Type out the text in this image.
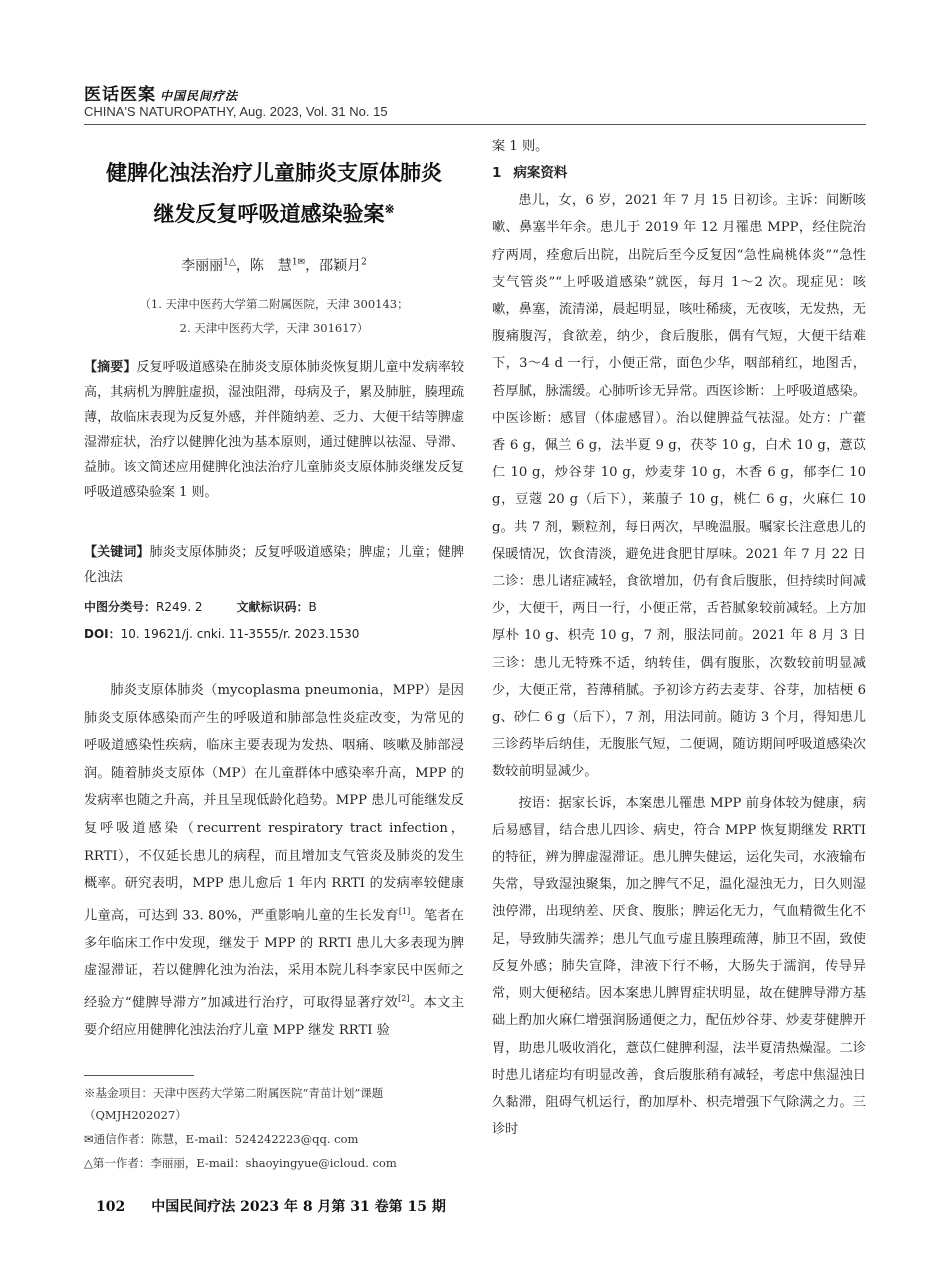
医话医案 中国民间疗法
CHINA'S NATUROPATHY, Aug. 2023, Vol. 31 No. 15
健脾化浊法治疗儿童肺炎支原体肺炎
继发反复呼吸道感染验案※
李丽丽$^{1\triangle}$，陈　慧$^{1✉}$，邵颖月$^2$
（1. 天津中医药大学第二附属医院，天津 300143；
2. 天津中医药大学，天津 301617）
【摘要】反复呼吸道感染在肺炎支原体肺炎恢复期儿童中发病率较高，其病机为脾脏虚损，湿浊阻滞，母病及子，累及肺脏，腠理疏薄，故临床表现为反复外感，并伴随纳差、乏力、大便干结等脾虚湿滞症状，治疗以健脾化浊为基本原则，通过健脾以祛湿、导滞、益肺。该文简述应用健脾化浊法治疗儿童肺炎支原体肺炎继发反复呼吸道感染验案 1 则。
【关键词】肺炎支原体肺炎；反复呼吸道感染；脾虚；儿童；健脾化浊法
中图分类号：R249. 2	文献标识码：B
DOI：10. 19621/j. cnki. 11-3555/r. 2023.1530

肺炎支原体肺炎（mycoplasma pneumonia，MPP）是因肺炎支原体感染而产生的呼吸道和肺部急性炎症改变，为常见的呼吸道感染性疾病，临床主要表现为发热、咽痛、咳嗽及肺部浸润。随着肺炎支原体（MP）在儿童群体中感染率升高，MPP 的发病率也随之升高，并且呈现低龄化趋势。MPP 患儿可能继发反复呼吸道感染（recurrent respiratory tract infection，RRTI），不仅延长患儿的病程，而且增加支气管炎及肺炎的发生概率。研究表明，MPP 患儿愈后 1 年内 RRTI 的发病率较健康儿童高，可达到 33. 80%，严重影响儿童的生长发育[1]。笔者在多年临床工作中发现，继发于 MPP 的 RRTI 患儿大多表现为脾虚湿滞证，若以健脾化浊为治法，采用本院儿科李家民中医师之经验方“健脾导滞方”加减进行治疗，可取得显著疗效[2]。本文主要介绍应用健脾化浊法治疗儿童 MPP 继发 RRTI 验

※基金项目：天津中医药大学第二附属医院“青苗计划”课题（QMJH202027）
✉通信作者：陈慧，E-mail：524242223@qq. com
△第一作者：李丽丽，E-mail：shaoyingyue@icloud. com
102 中国民间疗法 2023 年 8 月第 31 卷第 15 期

案 1 则。

1 病案资料

患儿，女，6 岁，2021 年 7 月 15 日初诊。主诉：间断咳嗽、鼻塞半年余。患儿于 2019 年 12 月罹患 MPP，经住院治疗两周，痊愈后出院，出院后至今反复因“急性扁桃体炎”“急性支气管炎”“上呼吸道感染”就医，每月 1～2 次。现症见：咳嗽，鼻塞，流清涕，晨起明显，咳吐稀痰，无夜咳，无发热，无腹痛腹泻，食欲差，纳少，食后腹胀，偶有气短，大便干结难下，3～4 d 一行，小便正常，面色少华，咽部稍红，地图舌，苔厚腻，脉濡缓。心肺听诊无异常。西医诊断：上呼吸道感染。中医诊断：感冒（体虚感冒）。治以健脾益气祛湿。处方：广藿香 6 g，佩兰 6 g，法半夏 9 g，茯苓 10 g，白术 10 g，薏苡仁 10 g，炒谷芽 10 g，炒麦芽 10 g，木香 6 g，郁李仁 10 g，豆蔻 20 g（后下），莱菔子 10 g，桃仁 6 g，火麻仁 10 g。共 7 剂，颗粒剂，每日两次，早晚温服。嘱家长注意患儿的保暖情况，饮食清淡，避免进食肥甘厚味。2021 年 7 月 22 日二诊：患儿诸症减轻，食欲增加，仍有食后腹胀，但持续时间减少，大便干，两日一行，小便正常，舌苔腻象较前减轻。上方加厚朴 10 g、枳壳 10 g，7 剂，服法同前。2021 年 8 月 3 日三诊：患儿无特殊不适，纳转佳，偶有腹胀，次数较前明显减少，大便正常，苔薄稍腻。予初诊方药去麦芽、谷芽，加桔梗 6 g、砂仁 6 g（后下），7 剂，用法同前。随访 3 个月，得知患儿三诊药毕后纳佳，无腹胀气短，二便调，随访期间呼吸道感染次数较前明显减少。

按语：据家长诉，本案患儿罹患 MPP 前身体较为健康，病后易感冒，结合患儿四诊、病史，符合 MPP 恢复期继发 RRTI 的特征，辨为脾虚湿滞证。患儿脾失健运，运化失司，水液输布失常，导致湿浊聚集，加之脾气不足，温化湿浊无力，日久则湿浊停滞，出现纳差、厌食、腹胀；脾运化无力，气血精微生化不足，导致肺失濡养；患儿气血亏虚且腠理疏薄，肺卫不固，致使反复外感；肺失宣降，津液下行不畅，大肠失于濡润，传导异常，则大便秘结。因本案患儿脾胃症状明显，故在健脾导滞方基础上酌加火麻仁增强润肠通便之力，配伍炒谷芽、炒麦芽健脾开胃，助患儿吸收消化，薏苡仁健脾利湿，法半夏清热燥湿。二诊时患儿诸症均有明显改善，食后腹胀稍有减轻，考虑中焦湿浊日久黏滞，阻碍气机运行，酌加厚朴、枳壳增强下气除满之力。三诊时
